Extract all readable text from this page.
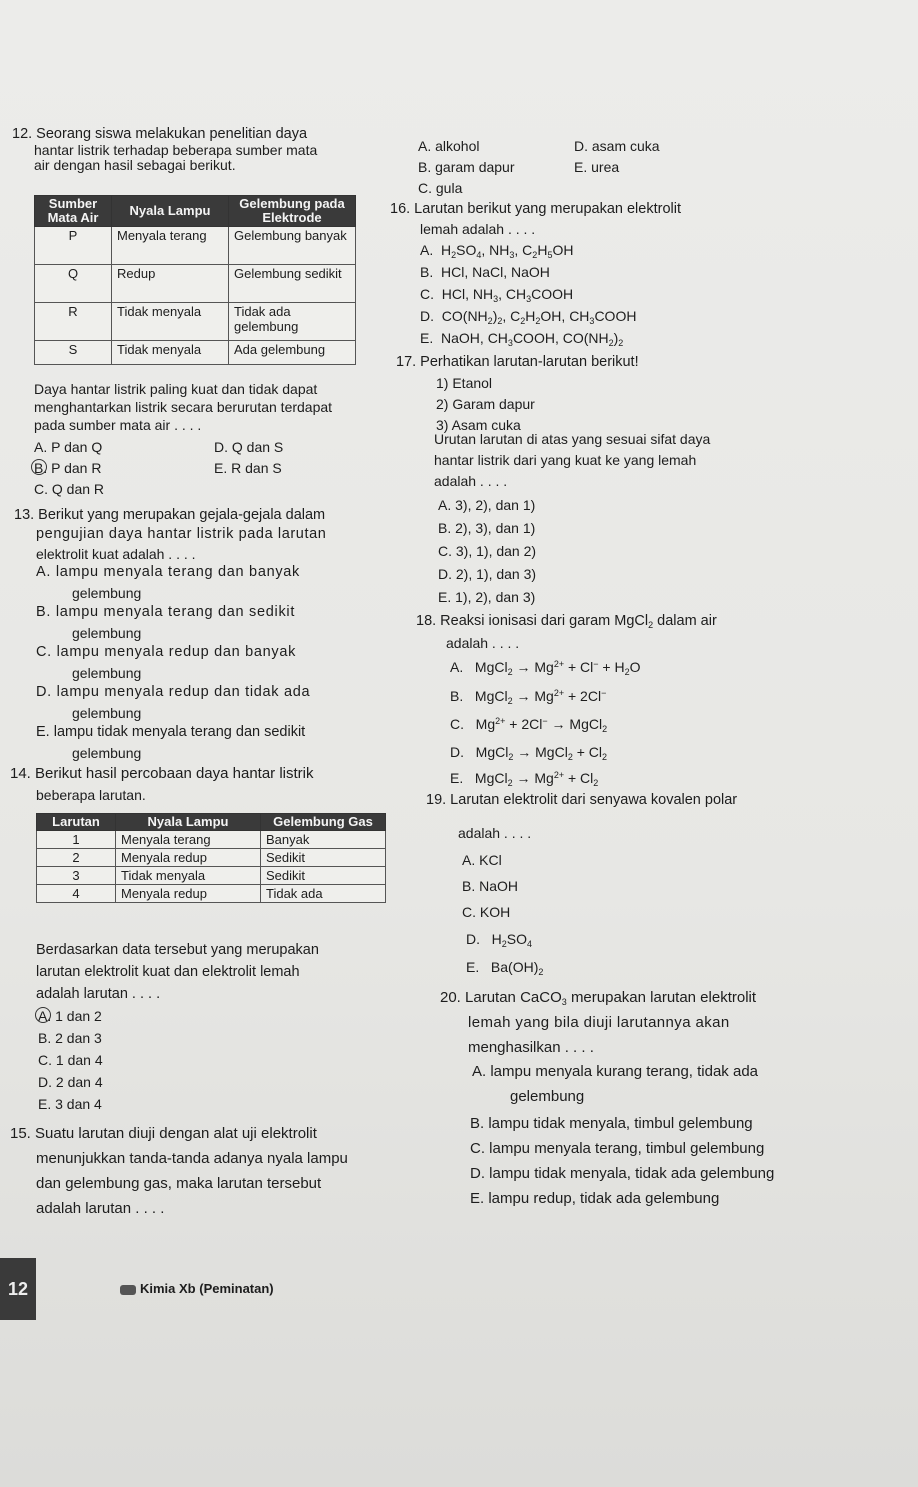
12. Seorang siswa melakukan penelitian daya
hantar listrik terhadap beberapa sumber mata
air dengan hasil sebagai berikut.
Sumber Mata Air	Nyala Lampu	Gelembung pada Elektrode
P	Menyala terang	Gelembung banyak
Q	Redup	Gelembung sedikit
R	Tidak menyala	Tidak ada gelembung
S	Tidak menyala	Ada gelembung
Daya hantar listrik paling kuat dan tidak dapat
menghantarkan listrik secara berurutan terdapat
pada sumber mata air . . . .
A. P dan Q
B. P dan R
C. Q dan R
D. Q dan S
E. R dan S
13. Berikut yang merupakan gejala-gejala dalam
pengujian daya hantar listrik pada larutan
elektrolit kuat adalah . . . .
A. lampu menyala terang dan banyak
gelembung
B. lampu menyala terang dan sedikit
gelembung
C. lampu menyala redup dan banyak
gelembung
D. lampu menyala redup dan tidak ada
gelembung
E. lampu tidak menyala terang dan sedikit
gelembung
14. Berikut hasil percobaan daya hantar listrik
beberapa larutan.
Larutan	Nyala Lampu	Gelembung Gas
1	Menyala terang	Banyak
2	Menyala redup	Sedikit
3	Tidak menyala	Sedikit
4	Menyala redup	Tidak ada
Berdasarkan data tersebut yang merupakan
larutan elektrolit kuat dan elektrolit lemah
adalah larutan . . . .
A. 1 dan 2
B. 2 dan 3
C. 1 dan 4
D. 2 dan 4
E. 3 dan 4
15. Suatu larutan diuji dengan alat uji elektrolit
menunjukkan tanda-tanda adanya nyala lampu
dan gelembung gas, maka larutan tersebut
adalah larutan . . . .
A. alkohol
B. garam dapur
C. gula
D. asam cuka
E. urea
16. Larutan berikut yang merupakan elektrolit
lemah adalah . . . .
A.  $H_2SO_4$, $NH_3$, $C_2H_5OH$
B. HCl, NaCl, NaOH
C.  HCl, $NH_3$, $CH_3COOH$
D.  $CO(NH_2)_2$, $C_2H_2OH$, $CH_3COOH$
E.  NaOH, $CH_3COOH$, $CO(NH_2)_2$
17. Perhatikan larutan-larutan berikut!
1) Etanol
2) Garam dapur
3) Asam cuka
Urutan larutan di atas yang sesuai sifat daya
hantar listrik dari yang kuat ke yang lemah
adalah . . . .
A. 3), 2), dan 1)
B. 2), 3), dan 1)
C. 3), 1), dan 2)
D. 2), 1), dan 3)
E. 1), 2), dan 3)
18. Reaksi ionisasi dari garam MgCl$_2$ dalam air
adalah . . . .
A.   MgCl$_2$ → $Mg^{2+} + Cl^- + H_2O$
B.   MgCl$_2$ → $Mg^{2+} + 2Cl^-$
C.   $Mg^{2+} + 2Cl^-$ → MgCl$_2$
D.   MgCl$_2$ → MgCl$_2$ + $Cl_2$
E.   MgCl$_2$ → $Mg^{2+} + Cl_2$
19. Larutan elektrolit dari senyawa kovalen polar
adalah . . . .
A. KCl
B. NaOH
C. KOH
D.   $H_2SO_4$
E.   $Ba(OH)_2$
20. Larutan CaCO$_3$ merupakan larutan elektrolit
lemah yang bila diuji larutannya akan
menghasilkan . . . .
A. lampu menyala kurang terang, tidak ada
gelembung
B. lampu tidak menyala, timbul gelembung
C. lampu menyala terang, timbul gelembung
D. lampu tidak menyala, tidak ada gelembung
E. lampu redup, tidak ada gelembung
12	Kimia Xb (Peminatan)
